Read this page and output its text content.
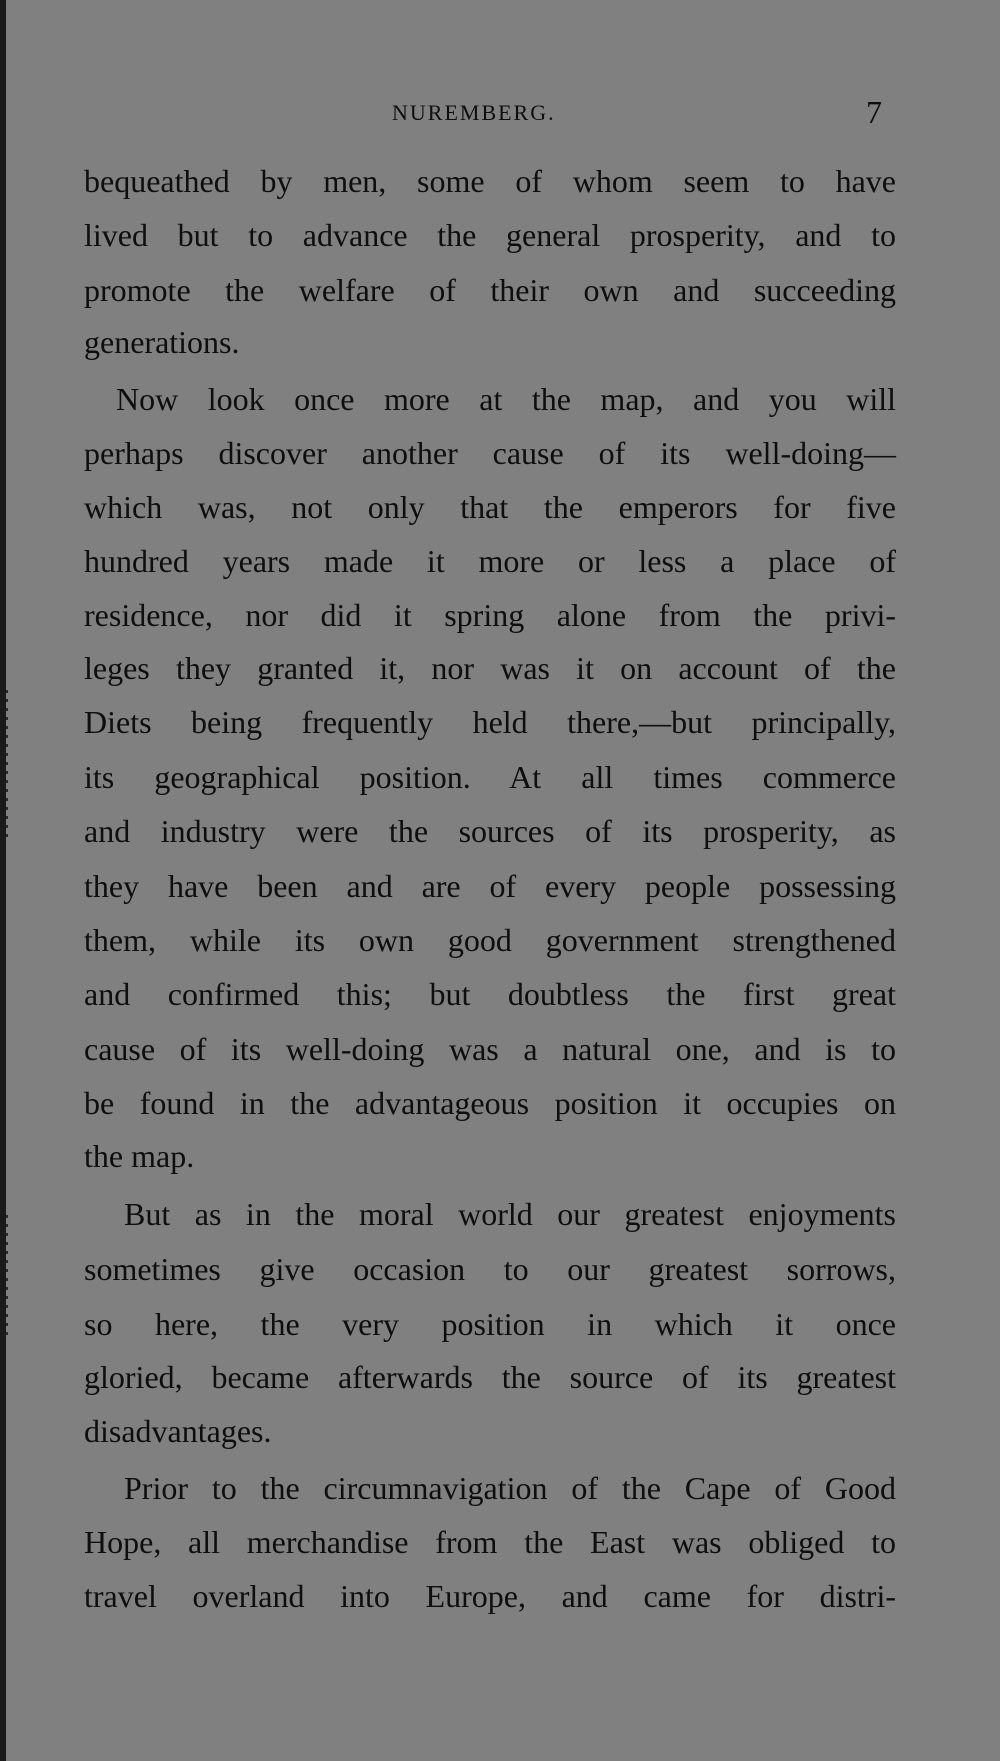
NUREMBERG.	7
bequeathed by men, some of whom seem to have
lived but to advance the general prosperity, and to
promote the welfare of their own and succeeding
generations.
Now look once more at the map, and you will
perhaps discover another cause of its well-doing—
which was, not only that the emperors for five
hundred years made it more or less a place of
residence, nor did it spring alone from the privi-
leges they granted it, nor was it on account of the
Diets being frequently held there,—but principally,
its geographical position. At all times commerce
and industry were the sources of its prosperity, as
they have been and are of every people possessing
them, while its own good government strengthened
and confirmed this; but doubtless the first great
cause of its well-doing was a natural one, and is to
be found in the advantageous position it occupies on
the map.
But as in the moral world our greatest enjoyments
sometimes give occasion to our greatest sorrows,
so here, the very position in which it once
gloried, became afterwards the source of its greatest
disadvantages.
Prior to the circumnavigation of the Cape of Good
Hope, all merchandise from the East was obliged to
travel overland into Europe, and came for distri-
